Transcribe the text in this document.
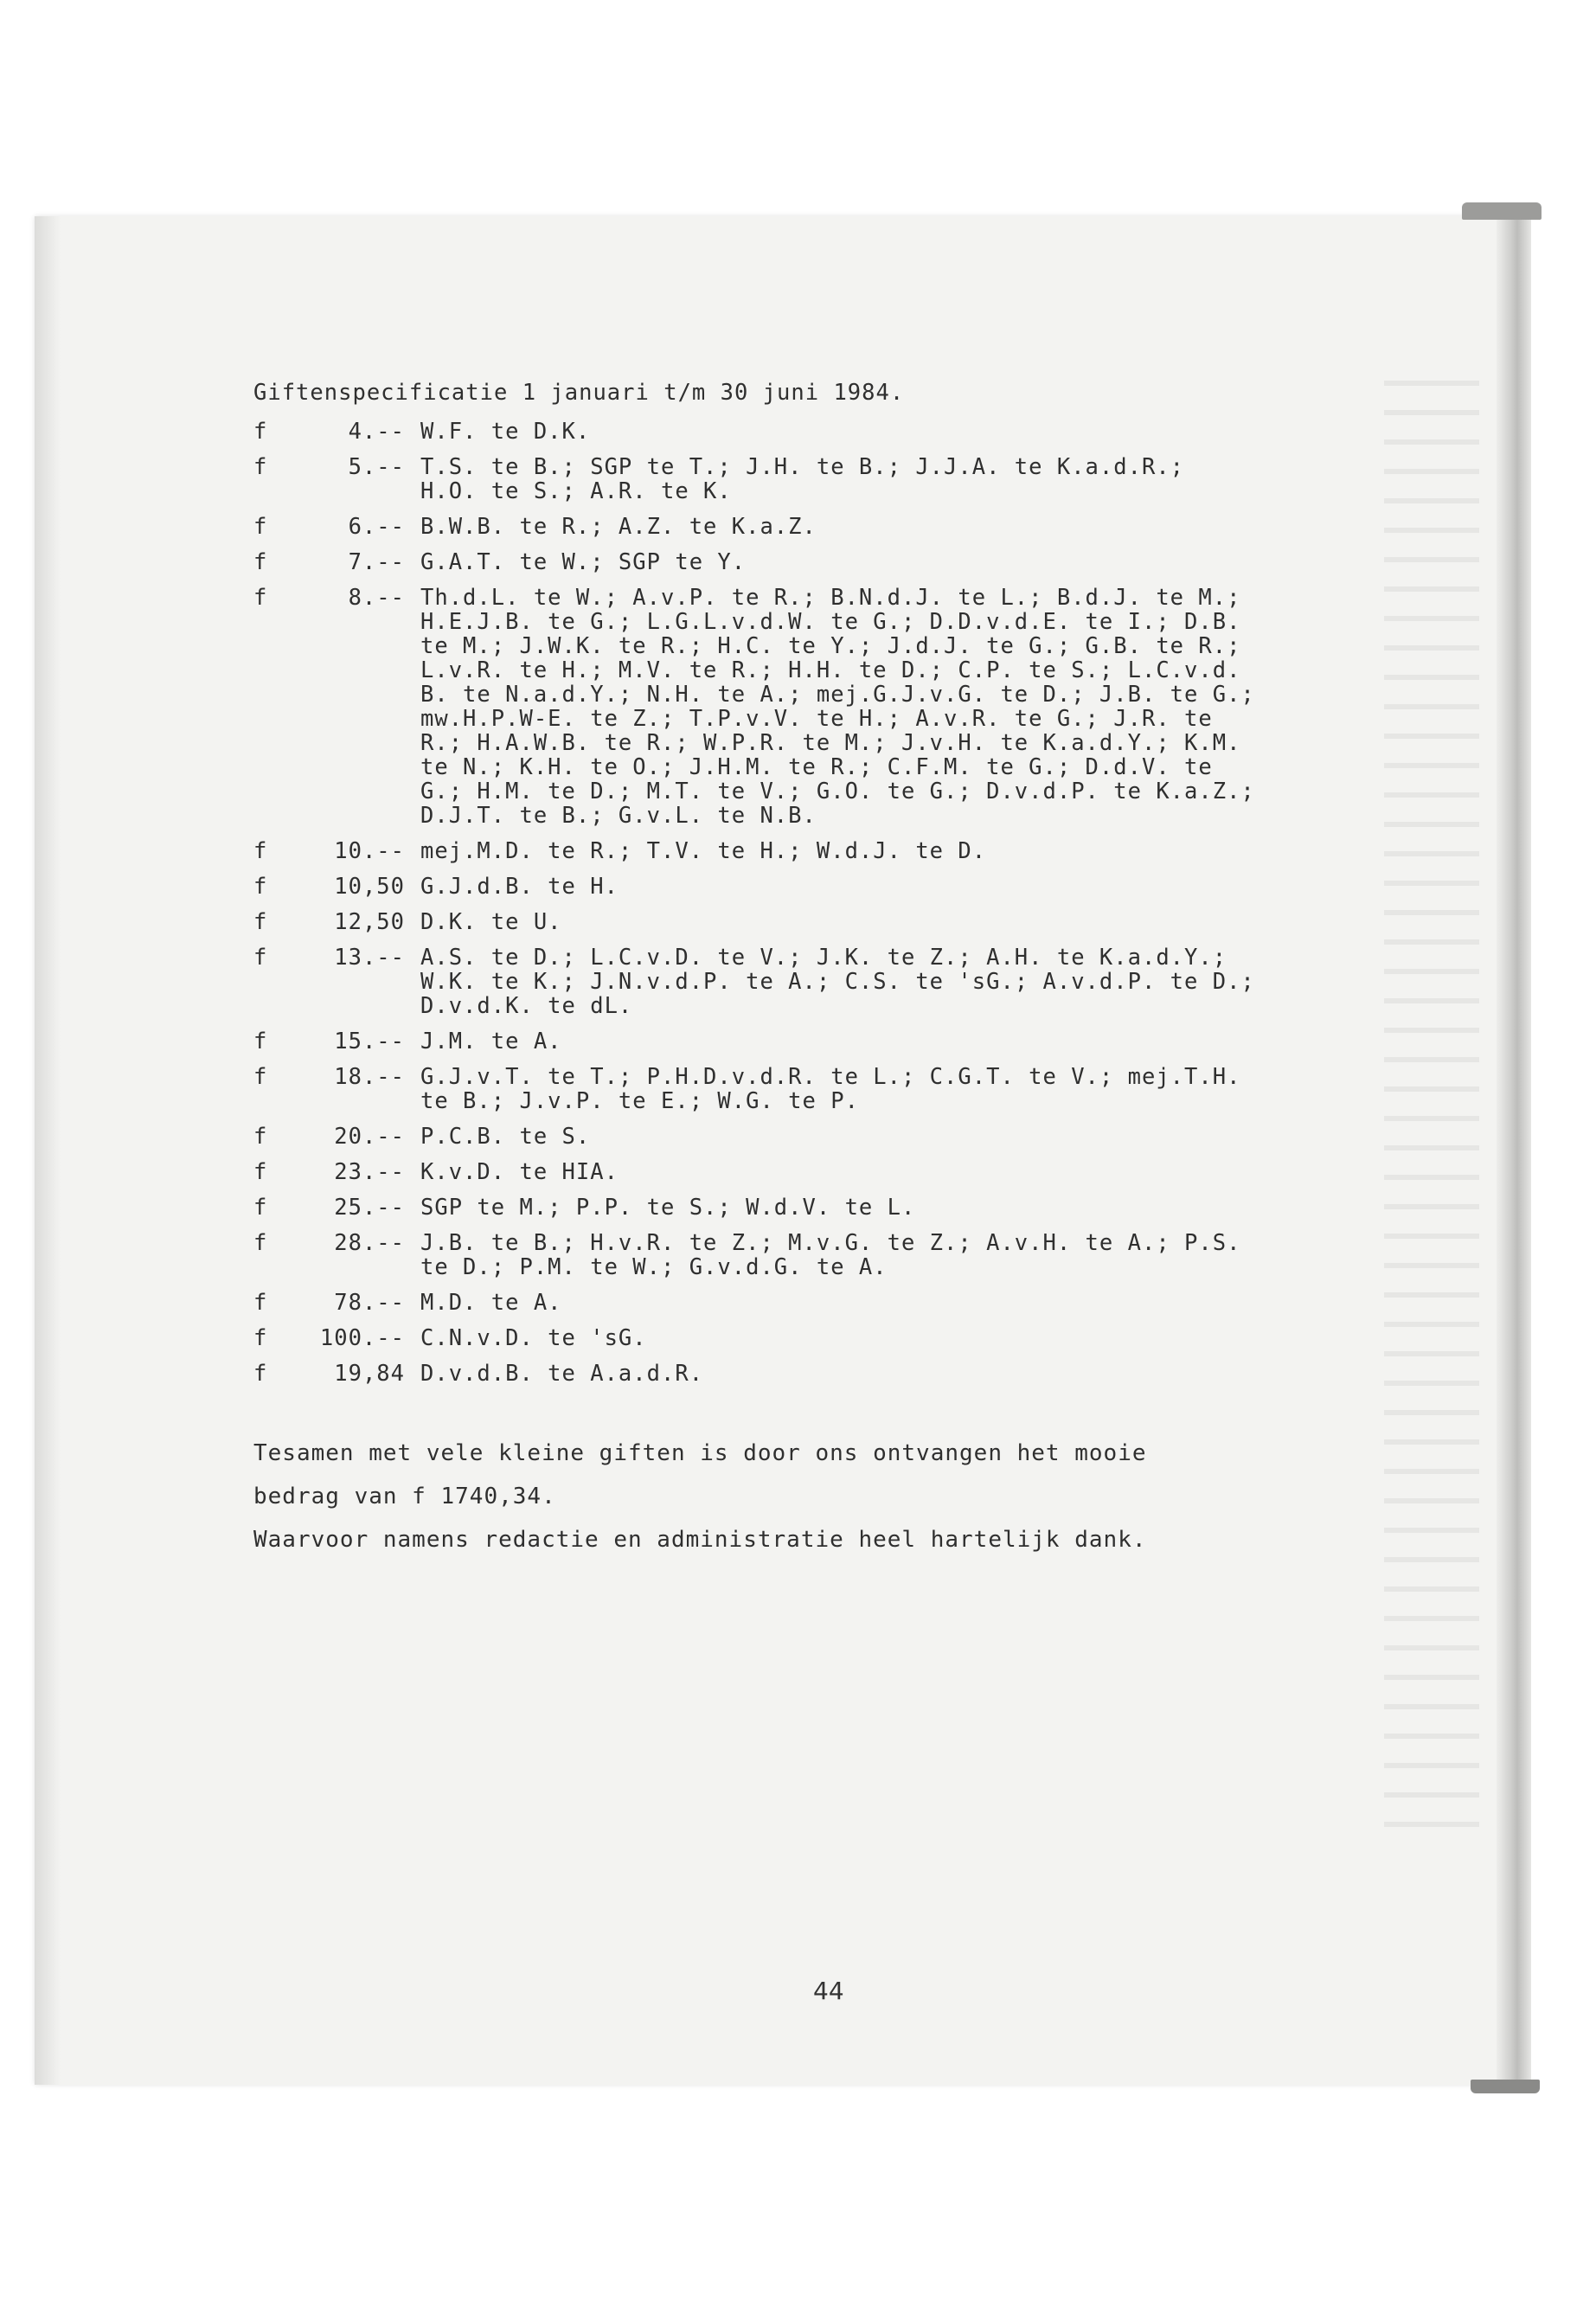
Giftenspecificatie 1 januari t/m 30 juni 1984.
f	4.-- W.F. te D.K.
f	5.-- T.S. te B.; SGP te T.; J.H. te B.; J.J.A. te K.a.d.R.;
H.O. te S.; A.R. te K.
f	6.-- B.W.B. te R.; A.Z. te K.a.Z.
f	7.-- G.A.T. te W.; SGP te Y.
f	8.-- Th.d.L. te W.; A.v.P. te R.; B.N.d.J. te L.; B.d.J. te M.;
H.E.J.B. te G.; L.G.L.v.d.W. te G.; D.D.v.d.E. te I.; D.B.
te M.; J.W.K. te R.; H.C. te Y.; J.d.J. te G.; G.B. te R.;
L.v.R. te H.; M.V. te R.; H.H. te D.; C.P. te S.; L.C.v.d.
B. te N.a.d.Y.; N.H. te A.; mej.G.J.v.G. te D.; J.B. te G.;
mw.H.P.W-E. te Z.; T.P.v.V. te H.; A.v.R. te G.; J.R. te
R.; H.A.W.B. te R.; W.P.R. te M.; J.v.H. te K.a.d.Y.; K.M.
te N.; K.H. te O.; J.H.M. te R.; C.F.M. te G.; D.d.V. te
G.; H.M. te D.; M.T. te V.; G.O. te G.; D.v.d.P. te K.a.Z.;
D.J.T. te B.; G.v.L. te N.B.
f	10.-- mej.M.D. te R.; T.V. te H.; W.d.J. te D.
f	10,50 G.J.d.B. te H.
f	12,50 D.K. te U.
f	13.-- A.S. te D.; L.C.v.D. te V.; J.K. te Z.; A.H. te K.a.d.Y.;
W.K. te K.; J.N.v.d.P. te A.; C.S. te 'sG.; A.v.d.P. te D.;
D.v.d.K. te dL.
f	15.-- J.M. te A.
f	18.-- G.J.v.T. te T.; P.H.D.v.d.R. te L.; C.G.T. te V.; mej.T.H.
te B.; J.v.P. te E.; W.G. te P.
f	20.-- P.C.B. te S.
f	23.-- K.v.D. te HIA.
f	25.-- SGP te M.; P.P. te S.; W.d.V. te L.
f	28.-- J.B. te B.; H.v.R. te Z.; M.v.G. te Z.; A.v.H. te A.; P.S.
te D.; P.M. te W.; G.v.d.G. te A.
f	78.-- M.D. te A.
f	100.-- C.N.v.D. te 'sG.
f	19,84 D.v.d.B. te A.a.d.R.

Tesamen met vele kleine giften is door ons ontvangen het mooie

bedrag van f 1740,34.

Waarvoor namens redactie en administratie heel hartelijk dank.

44
